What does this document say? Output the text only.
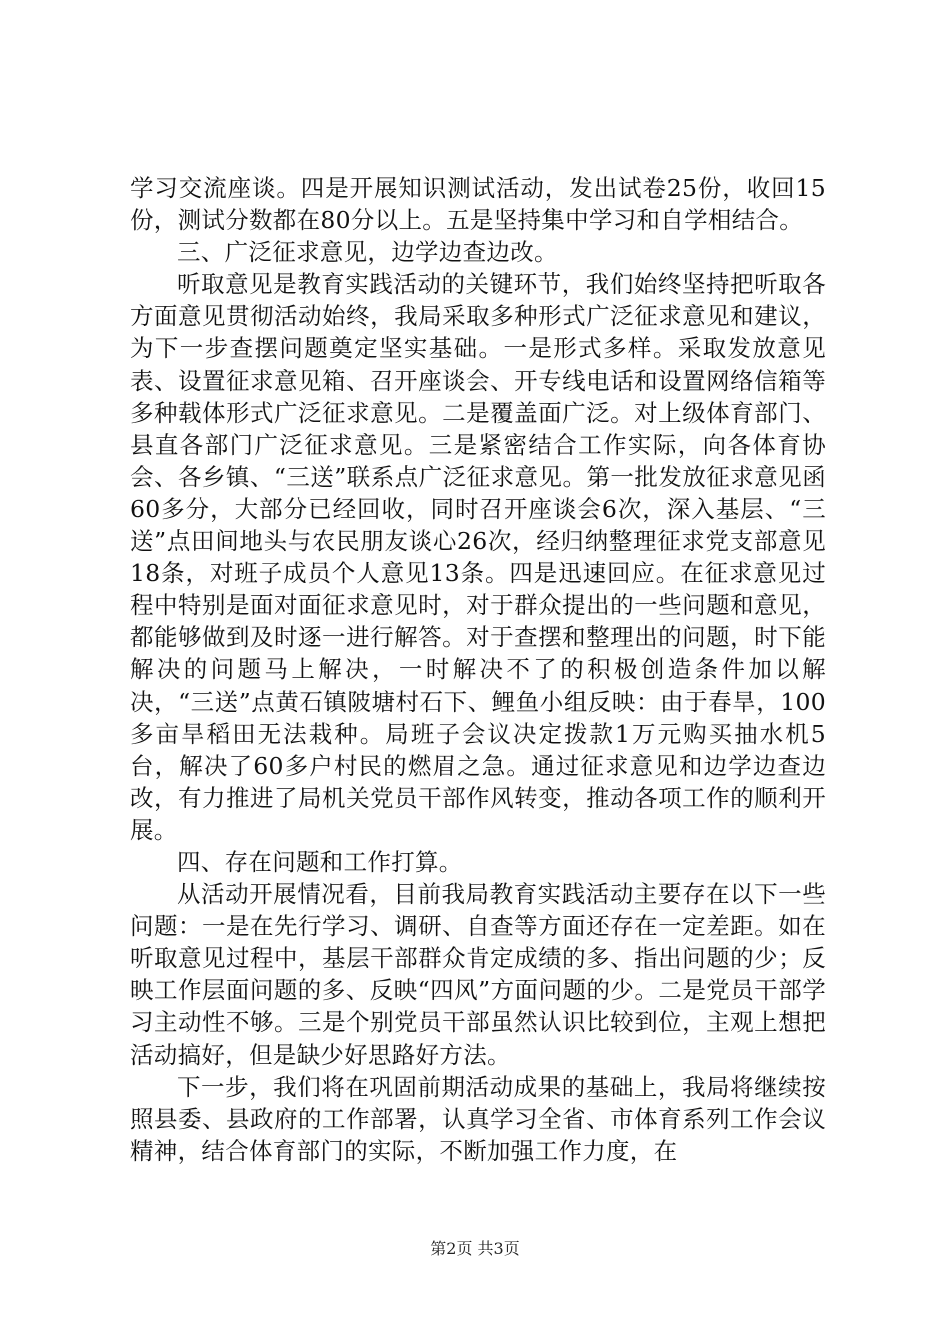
学习交流座谈。四是开展知识测试活动，发出试卷25份，收回15份，测试分数都在80分以上。五是坚持集中学习和自学相结合。

三、广泛征求意见，边学边查边改。

听取意见是教育实践活动的关键环节，我们始终坚持把听取各方面意见贯彻活动始终，我局采取多种形式广泛征求意见和建议，为下一步查摆问题奠定坚实基础。一是形式多样。采取发放意见表、设置征求意见箱、召开座谈会、开专线电话和设置网络信箱等多种载体形式广泛征求意见。二是覆盖面广泛。对上级体育部门、县直各部门广泛征求意见。三是紧密结合工作实际，向各体育协会、各乡镇、“三送”联系点广泛征求意见。第一批发放征求意见函60多分，大部分已经回收，同时召开座谈会6次，深入基层、“三送”点田间地头与农民朋友谈心26次，经归纳整理征求党支部意见18条，对班子成员个人意见13条。四是迅速回应。在征求意见过程中特别是面对面征求意见时，对于群众提出的一些问题和意见，都能够做到及时逐一进行解答。对于查摆和整理出的问题，时下能解决的问题马上解决，一时解决不了的积极创造条件加以解决，“三送”点黄石镇陂塘村石下、鲤鱼小组反映：由于春旱，100多亩旱稻田无法栽种。局班子会议决定拨款1万元购买抽水机5台，解决了60多户村民的燃眉之急。通过征求意见和边学边查边改，有力推进了局机关党员干部作风转变，推动各项工作的顺利开展。

四、存在问题和工作打算。

从活动开展情况看，目前我局教育实践活动主要存在以下一些问题：一是在先行学习、调研、自查等方面还存在一定差距。如在听取意见过程中，基层干部群众肯定成绩的多、指出问题的少；反映工作层面问题的多、反映“四风”方面问题的少。二是党员干部学习主动性不够。三是个别党员干部虽然认识比较到位，主观上想把活动搞好，但是缺少好思路好方法。

下一步，我们将在巩固前期活动成果的基础上，我局将继续按照县委、县政府的工作部署，认真学习全省、市体育系列工作会议精神，结合体育部门的实际，不断加强工作力度，在

第2页 共3页
